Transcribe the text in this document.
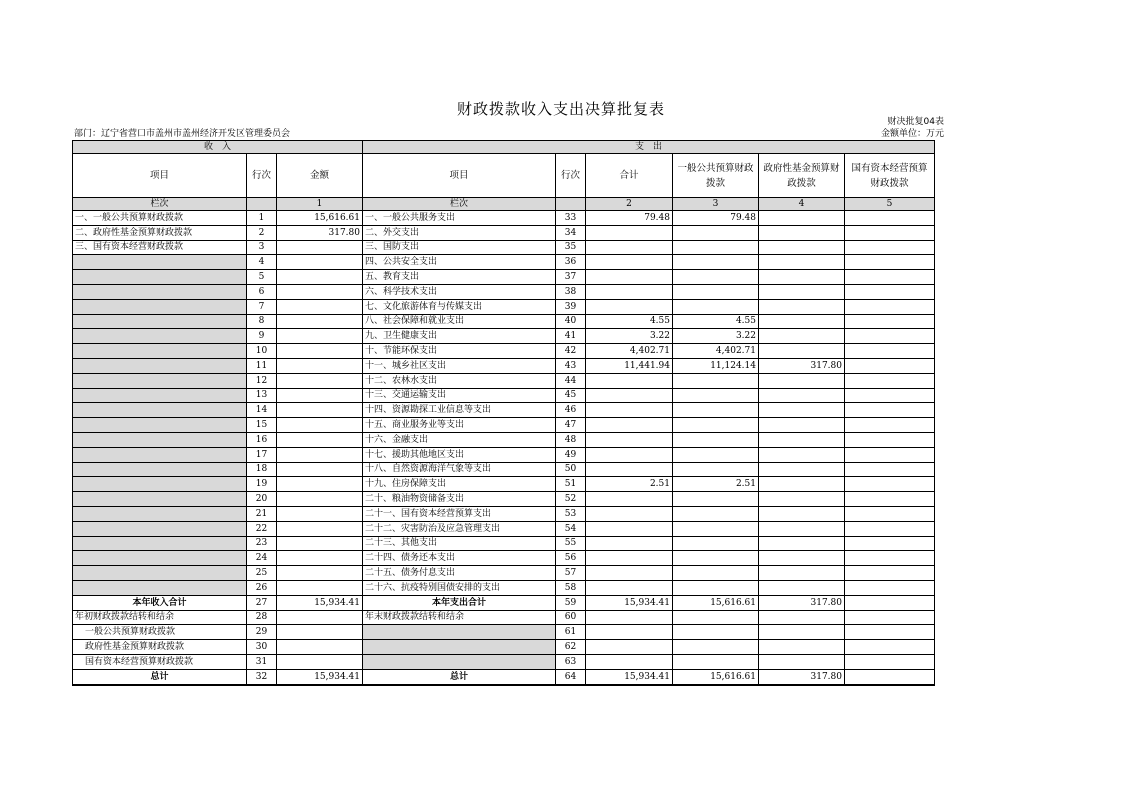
财政拨款收入支出决算批复表
财决批复04表
部门：辽宁省营口市盖州市盖州经济开发区管理委员会	金额单位：万元
收　入			支　出					
项目	行次	金额	项目	行次	合计	一般公共预算财政拨款	政府性基金预算财政拨款	国有资本经营预算财政拨款
栏次		1	栏次		2	3	4	5
一、一般公共预算财政拨款	1	15,616.61	一、一般公共服务支出	33	79.48	79.48		
二、政府性基金预算财政拨款	2	317.80	二、外交支出	34				
三、国有资本经营财政拨款	3		三、国防支出	35				
	4		四、公共安全支出	36				
	5		五、教育支出	37				
	6		六、科学技术支出	38				
	7		七、文化旅游体育与传媒支出	39				
	8		八、社会保障和就业支出	40	4.55	4.55		
	9		九、卫生健康支出	41	3.22	3.22		
	10		十、节能环保支出	42	4,402.71	4,402.71		
	11		十一、城乡社区支出	43	11,441.94	11,124.14	317.80	
	12		十二、农林水支出	44				
	13		十三、交通运输支出	45				
	14		十四、资源勘探工业信息等支出	46				
	15		十五、商业服务业等支出	47				
	16		十六、金融支出	48				
	17		十七、援助其他地区支出	49				
	18		十八、自然资源海洋气象等支出	50				
	19		十九、住房保障支出	51	2.51	2.51		
	20		二十、粮油物资储备支出	52				
	21		二十一、国有资本经营预算支出	53				
	22		二十二、灾害防治及应急管理支出	54				
	23		二十三、其他支出	55				
	24		二十四、债务还本支出	56				
	25		二十五、债务付息支出	57				
	26		二十六、抗疫特别国债安排的支出	58				
本年收入合计	27	15,934.41	本年支出合计	59	15,934.41	15,616.61	317.80	
年初财政拨款结转和结余	28		年末财政拨款结转和结余	60				
一般公共预算财政拨款	29			61				
政府性基金预算财政拨款	30			62				
国有资本经营预算财政拨款	31			63				
总计	32	15,934.41	总计	64	15,934.41	15,616.61	317.80	
